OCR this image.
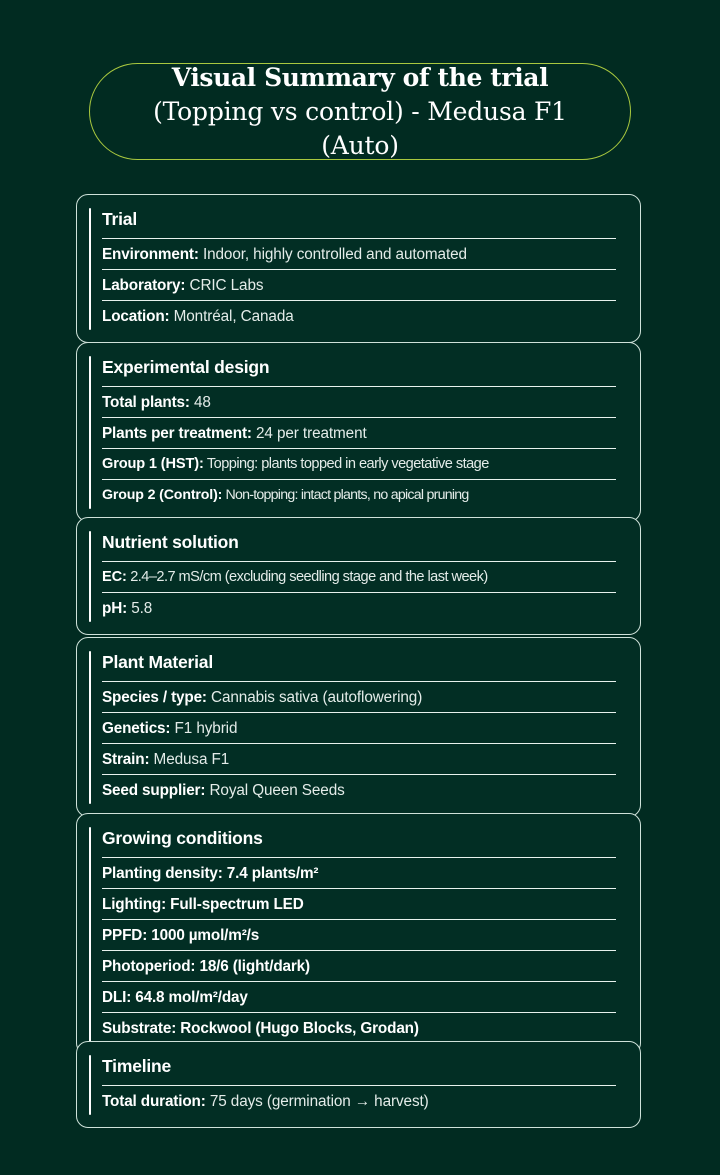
Visual Summary of the trial (Topping vs control) - Medusa F1 (Auto)
Trial
Environment: Indoor, highly controlled and automated
Laboratory: CRIC Labs
Location: Montréal, Canada
Experimental design
Total plants: 48
Plants per treatment: 24 per treatment
Group 1 (HST): Topping: plants topped in early vegetative stage
Group 2 (Control): Non-topping: intact plants, no apical pruning
Nutrient solution
EC: 2.4–2.7 mS/cm (excluding seedling stage and the last week)
pH: 5.8
Plant Material
Species / type: Cannabis sativa (autoflowering)
Genetics: F1 hybrid
Strain: Medusa F1
Seed supplier: Royal Queen Seeds
Growing conditions
Planting density: 7.4 plants/m²
Lighting: Full-spectrum LED
PPFD: 1000 µmol/m²/s
Photoperiod: 18/6 (light/dark)
DLI: 64.8 mol/m²/day
Substrate: Rockwool (Hugo Blocks, Grodan)
Timeline
Total duration: 75 days (germination → harvest)
